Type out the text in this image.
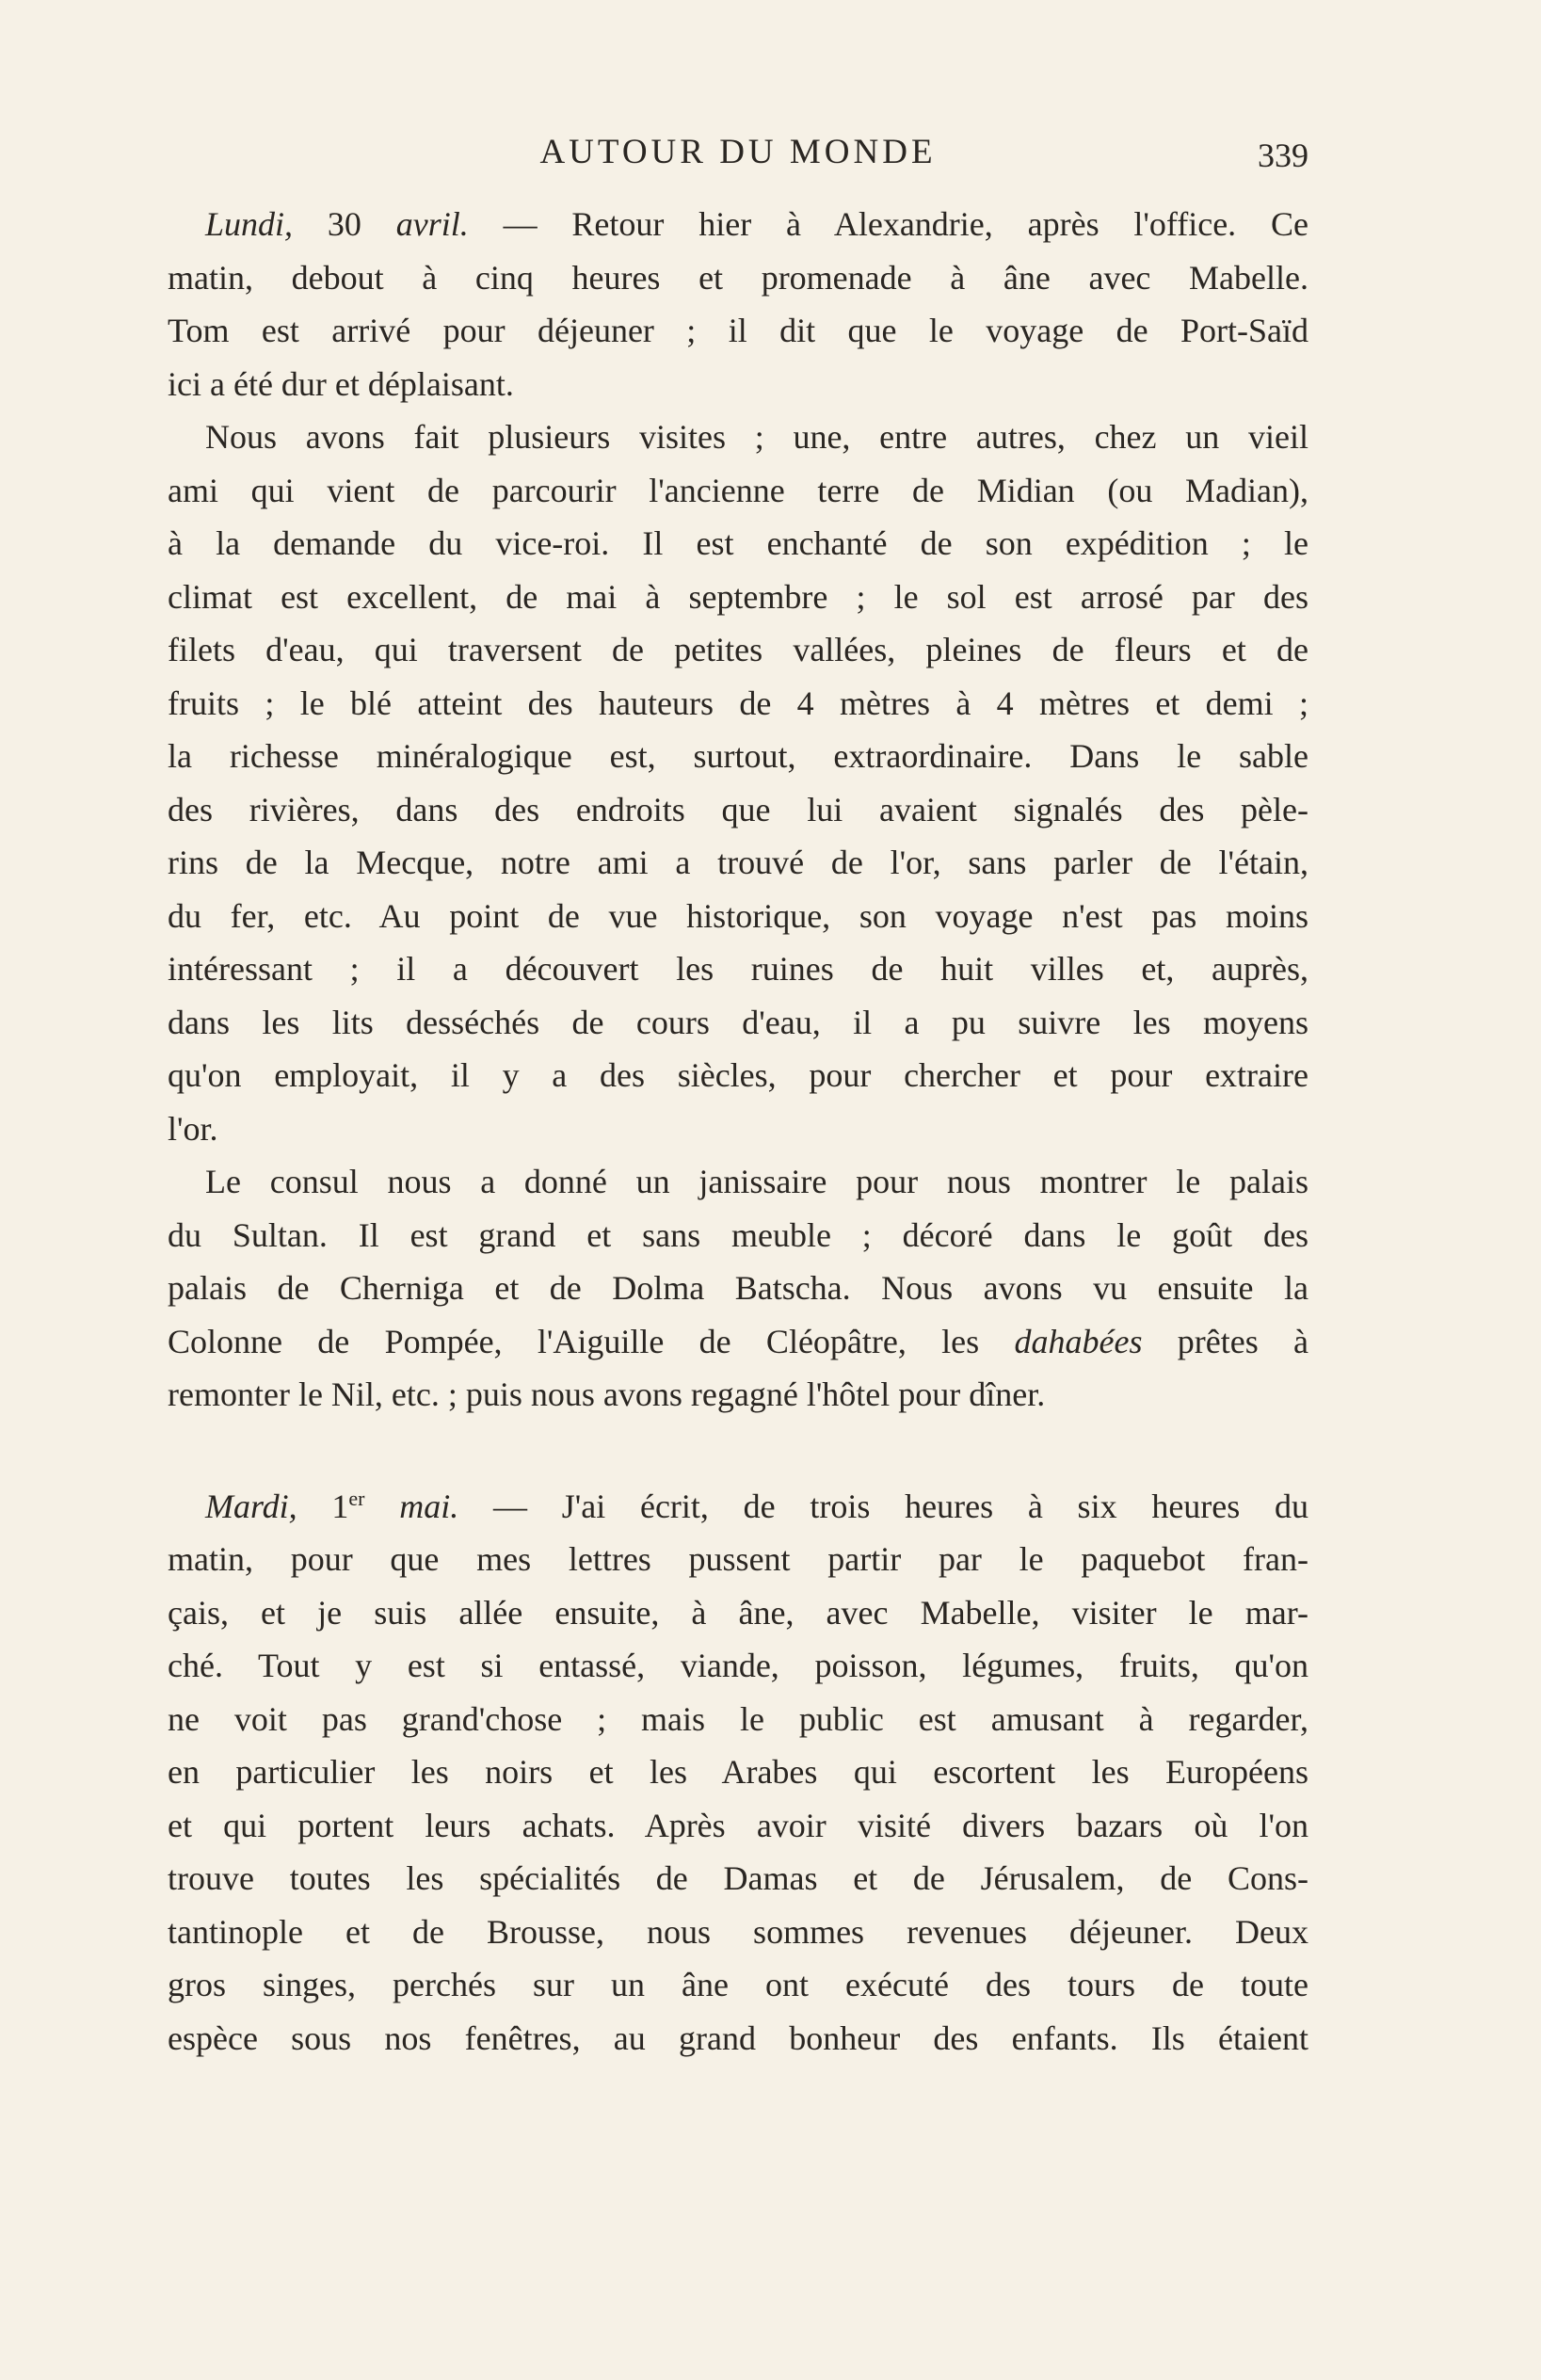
AUTOUR DU MONDE	339
Lundi, 30 avril. — Retour hier à Alexandrie, après l'office. Ce
matin, debout à cinq heures et promenade à âne avec Mabelle.
Tom est arrivé pour déjeuner ; il dit que le voyage de Port-Saïd
ici a été dur et déplaisant.
Nous avons fait plusieurs visites ; une, entre autres, chez un vieil
ami qui vient de parcourir l'ancienne terre de Midian (ou Madian),
à la demande du vice-roi. Il est enchanté de son expédition ; le
climat est excellent, de mai à septembre ; le sol est arrosé par des
filets d'eau, qui traversent de petites vallées, pleines de fleurs et de
fruits ; le blé atteint des hauteurs de 4 mètres à 4 mètres et demi ;
la richesse minéralogique est, surtout, extraordinaire. Dans le sable
des rivières, dans des endroits que lui avaient signalés des pèle-
rins de la Mecque, notre ami a trouvé de l'or, sans parler de l'étain,
du fer, etc. Au point de vue historique, son voyage n'est pas moins
intéressant ; il a découvert les ruines de huit villes et, auprès,
dans les lits desséchés de cours d'eau, il a pu suivre les moyens
qu'on employait, il y a des siècles, pour chercher et pour extraire
l'or.
Le consul nous a donné un janissaire pour nous montrer le palais
du Sultan. Il est grand et sans meuble ; décoré dans le goût des
palais de Cherniga et de Dolma Batscha. Nous avons vu ensuite la
Colonne de Pompée, l'Aiguille de Cléopâtre, les dahabées prêtes à
remonter le Nil, etc. ; puis nous avons regagné l'hôtel pour dîner.
Mardi, 1er mai. — J'ai écrit, de trois heures à six heures du
matin, pour que mes lettres pussent partir par le paquebot fran-
çais, et je suis allée ensuite, à âne, avec Mabelle, visiter le mar-
ché. Tout y est si entassé, viande, poisson, légumes, fruits, qu'on
ne voit pas grand'chose ; mais le public est amusant à regarder,
en particulier les noirs et les Arabes qui escortent les Européens
et qui portent leurs achats. Après avoir visité divers bazars où l'on
trouve toutes les spécialités de Damas et de Jérusalem, de Cons-
tantinople et de Brousse, nous sommes revenues déjeuner. Deux
gros singes, perchés sur un âne ont exécuté des tours de toute
espèce sous nos fenêtres, au grand bonheur des enfants. Ils étaient
